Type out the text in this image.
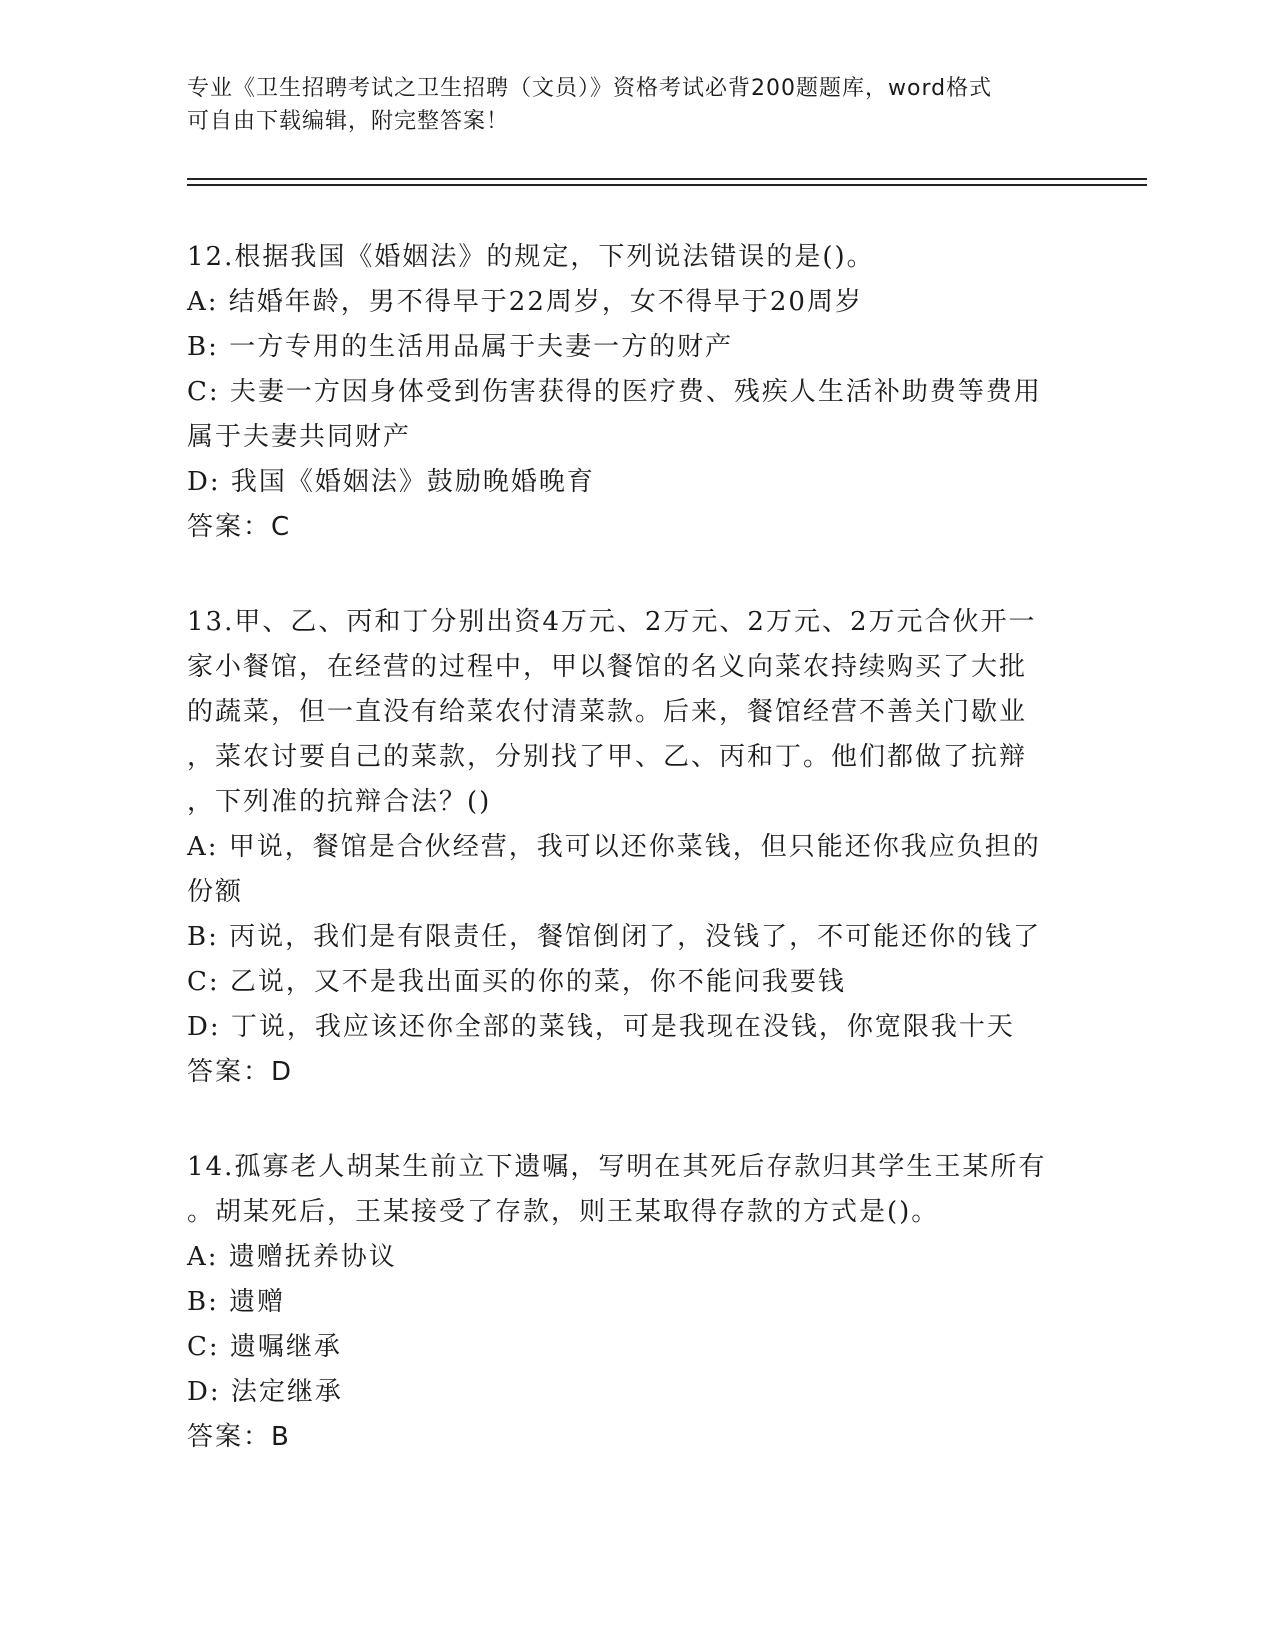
专业《卫生招聘考试之卫生招聘（文员）》资格考试必背200题题库，word格式
可自由下载编辑，附完整答案！
12.根据我国《婚姻法》的规定，下列说法错误的是()。
A: 结婚年龄，男不得早于22周岁，女不得早于20周岁
B: 一方专用的生活用品属于夫妻一方的财产
C: 夫妻一方因身体受到伤害获得的医疗费、残疾人生活补助费等费用
属于夫妻共同财产
D: 我国《婚姻法》鼓励晚婚晚育
答案：C
13.甲、乙、丙和丁分别出资4万元、2万元、2万元、2万元合伙开一
家小餐馆，在经营的过程中，甲以餐馆的名义向菜农持续购买了大批
的蔬菜，但一直没有给菜农付清菜款。后来，餐馆经营不善关门歇业
，菜农讨要自己的菜款，分别找了甲、乙、丙和丁。他们都做了抗辩
，下列准的抗辩合法？()
A: 甲说，餐馆是合伙经营，我可以还你菜钱，但只能还你我应负担的
份额
B: 丙说，我们是有限责任，餐馆倒闭了，没钱了，不可能还你的钱了
C: 乙说，又不是我出面买的你的菜，你不能问我要钱
D: 丁说，我应该还你全部的菜钱，可是我现在没钱，你宽限我十天
答案：D
14.孤寡老人胡某生前立下遗嘱，写明在其死后存款归其学生王某所有
。胡某死后，王某接受了存款，则王某取得存款的方式是()。
A: 遗赠抚养协议
B: 遗赠
C: 遗嘱继承
D: 法定继承
答案：B
